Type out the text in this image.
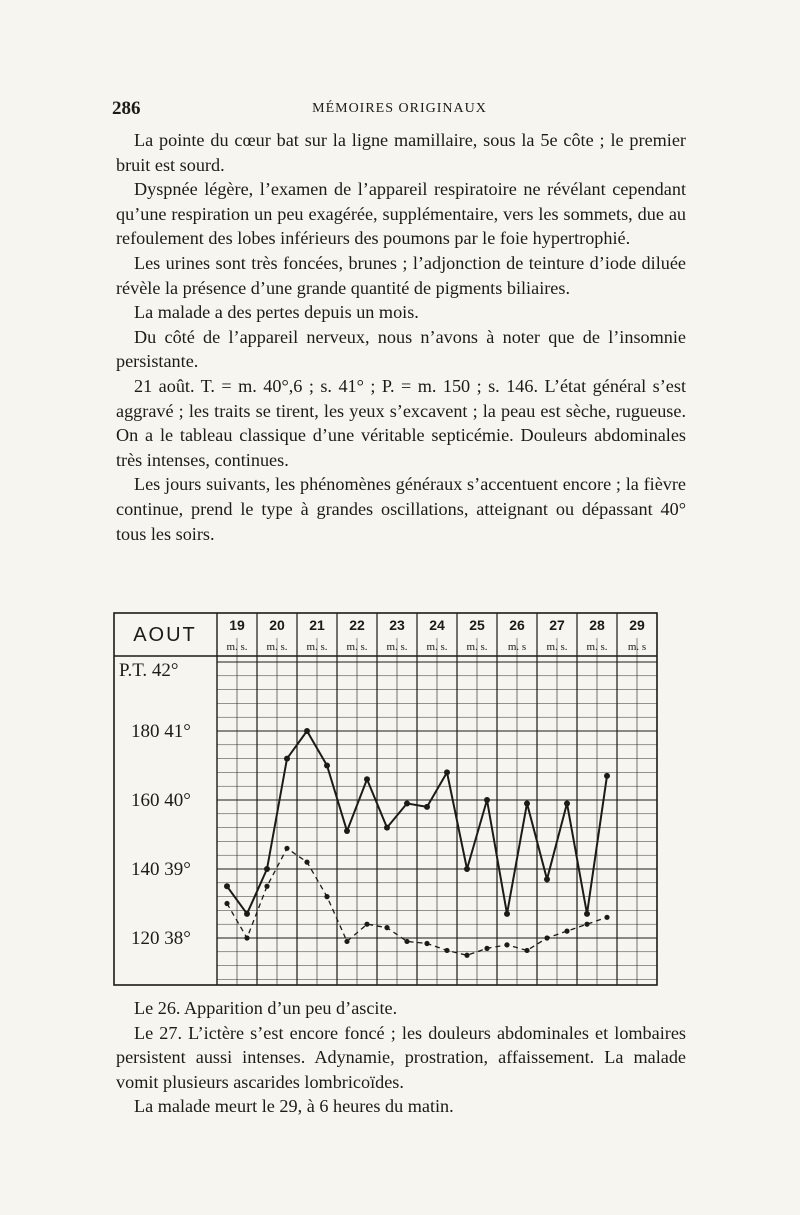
286	MÉMOIRES ORIGINAUX

La pointe du cœur bat sur la ligne mamillaire, sous la 5e côte ; le premier bruit est sourd.

Dyspnée légère, l’examen de l’appareil respiratoire ne révélant cependant qu’une respiration un peu exagérée, supplémentaire, vers les sommets, due au refoulement des lobes inférieurs des poumons par le foie hypertrophié.

Les urines sont très foncées, brunes ; l’adjonction de teinture d’iode diluée révèle la présence d’une grande quantité de pigments biliaires.

La malade a des pertes depuis un mois.

Du côté de l’appareil nerveux, nous n’avons à noter que de l’insomnie persistante.

21 août. T. = m. 40°,6 ; s. 41° ; P. = m. 150 ; s. 146. L’état général s’est aggravé ; les traits se tirent, les yeux s’excavent ; la peau est sèche, rugueuse. On a le tableau classique d’une véritable septicémie. Douleurs abdominales très intenses, continues.

Les jours suivants, les phénomènes généraux s’accentuent encore ; la fièvre continue, prend le type à grandes oscillations, atteignant ou dépassant 40° tous les soirs.

AOUT 19
m. s.
20
m. s.
21
m. s.
22
m. s.
23
m. s.
24
m. s.
25
m. s.
26
m. s
27
m. s.
28
m. s.
29
m. s
P.T. 42°
180 41°
160 40°
140 39°
120 38°

Le 26. Apparition d’un peu d’ascite.

Le 27. L’ictère s’est encore foncé ; les douleurs abdominales et lombaires persistent aussi intenses. Adynamie, prostration, affaissement. La malade vomit plusieurs ascarides lombricoïdes.

La malade meurt le 29, à 6 heures du matin.
